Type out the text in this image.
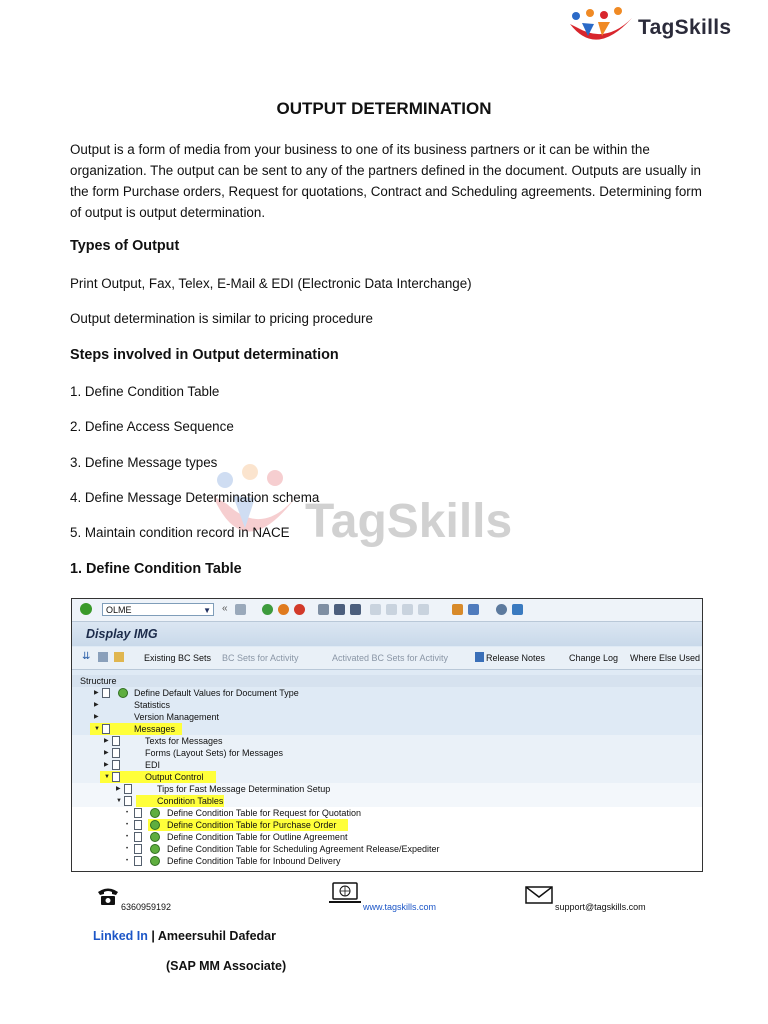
TagSkills
TagSkills
OUTPUT DETERMINATION
Output is a form of media from your business to one of its business partners or it can be within the organization. The output can be sent to any of the partners defined in the document. Outputs are usually in the form Purchase orders, Request for quotations, Contract and Scheduling agreements. Determining form of output is output determination.
Types of Output
Print Output, Fax, Telex, E-Mail & EDI (Electronic Data Interchange)
Output determination is similar to pricing procedure
Steps involved in Output determination
1. Define Condition Table
2. Define Access Sequence
3. Define Message types
4. Define Message Determination schema
5. Maintain condition record in NACE
1. Define Condition Table
OLME	▼ «
Display IMG
⇊	Existing BC Sets BC Sets for Activity	Activated BC Sets for Activity	Release Notes	Change Log Where Else Used
Structure
▶	Define Default Values for Document Type
▶	Statistics
▶	Version Management
▼	Messages
▶	Texts for Messages
▶	Forms (Layout Sets) for Messages
▶	EDI
▼	Output Control
▶	Tips for Fast Message Determination Setup
▼	Condition Tables
•	Define Condition Table for Request for Quotation
•	Define Condition Table for Purchase Order
•	Define Condition Table for Outline Agreement
•	Define Condition Table for Scheduling Agreement Release/Expediter
•	Define Condition Table for Inbound Delivery
6360959192	www.tagskills.com	support@tagskills.com
Linked In | Ameersuhil Dafedar
(SAP MM Associate)
